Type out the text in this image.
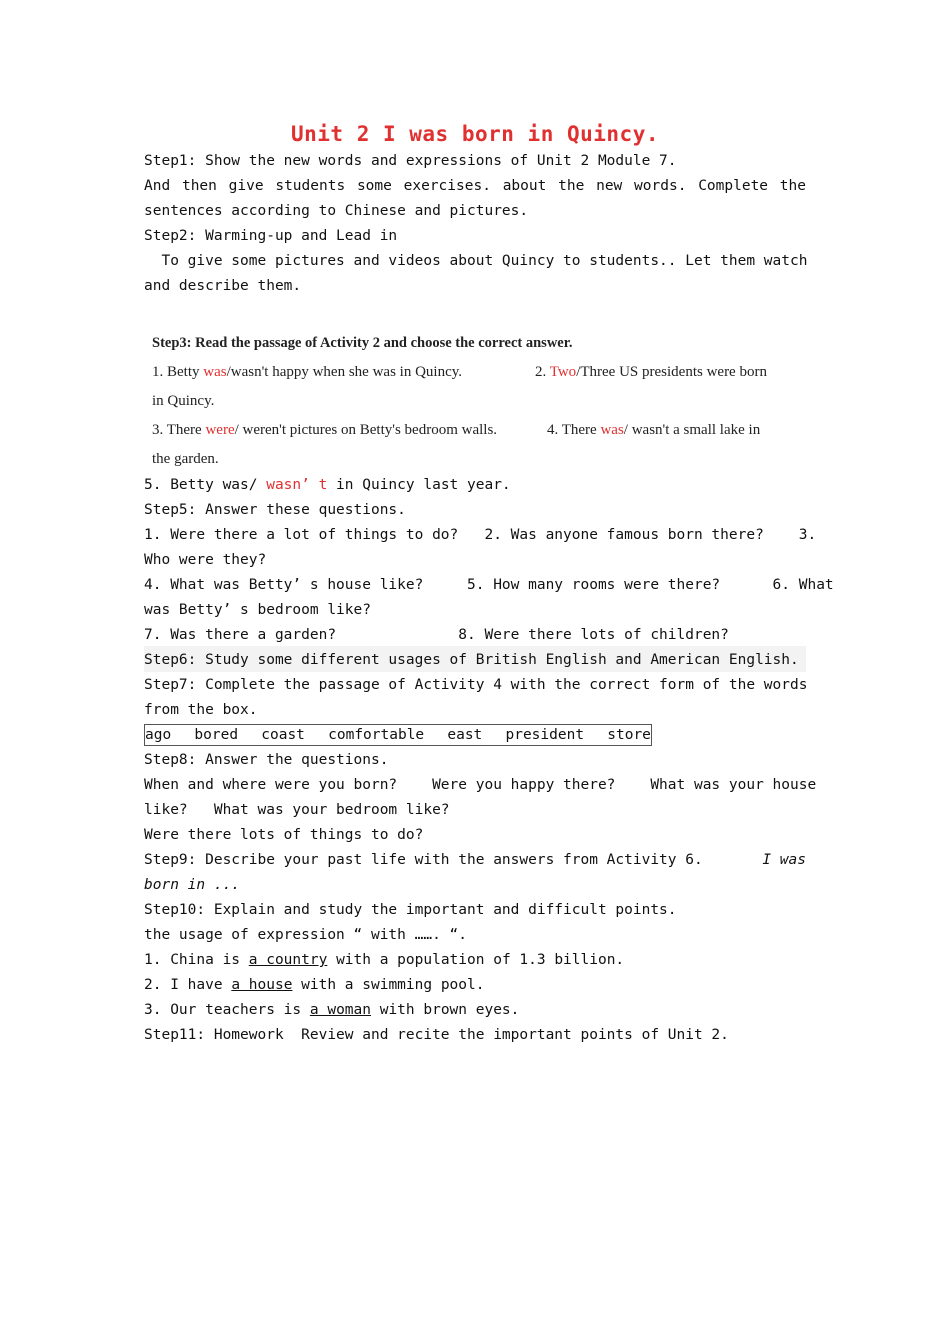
Unit 2 I was born in Quincy.
Step1: Show the new words and expressions of Unit 2 Module 7.
And then give students some exercises. about the new words. Complete the
sentences according to Chinese and pictures.
Step2: Warming-up and Lead in
To give some pictures and videos about Quincy to students.. Let them watch
and describe them.
Step3: Read the passage of Activity 2 and choose the correct answer.
1. Betty was/wasn't happy when she was in Quincy.	2. Two/Three US presidents were born
in Quincy.
3. There were/ weren't pictures on Betty's bedroom walls.	4. There was/ wasn't a small lake in
the garden.
5. Betty was/ wasn’ t in Quincy last year.
Step5: Answer these questions.
1. Were there a lot of things to do?   2. Was anyone famous born there?    3.
Who were they?
4. What was Betty’ s house like?     5. How many rooms were there?      6. What
was Betty’ s bedroom like?
7. Was there a garden?              8. Were there lots of children?
Step6: Study some different usages of British English and American English.
Step7: Complete the passage of Activity 4 with the correct form of the words
from the box.
ago bored coast comfortable east president store
Step8: Answer the questions.
When and where were you born?    Were you happy there?    What was your house
like?   What was your bedroom like?
Were there lots of things to do?
Step9: Describe your past life with the answers from Activity 6.	I was
born in ...
Step10: Explain and study the important and difficult points.
the usage of expression “ with ……. “.
1. China is a country with a population of 1.3 billion.
2. I have a house with a swimming pool.
3. Our teachers is a woman with brown eyes.
Step11: Homework  Review and recite the important points of Unit 2.
